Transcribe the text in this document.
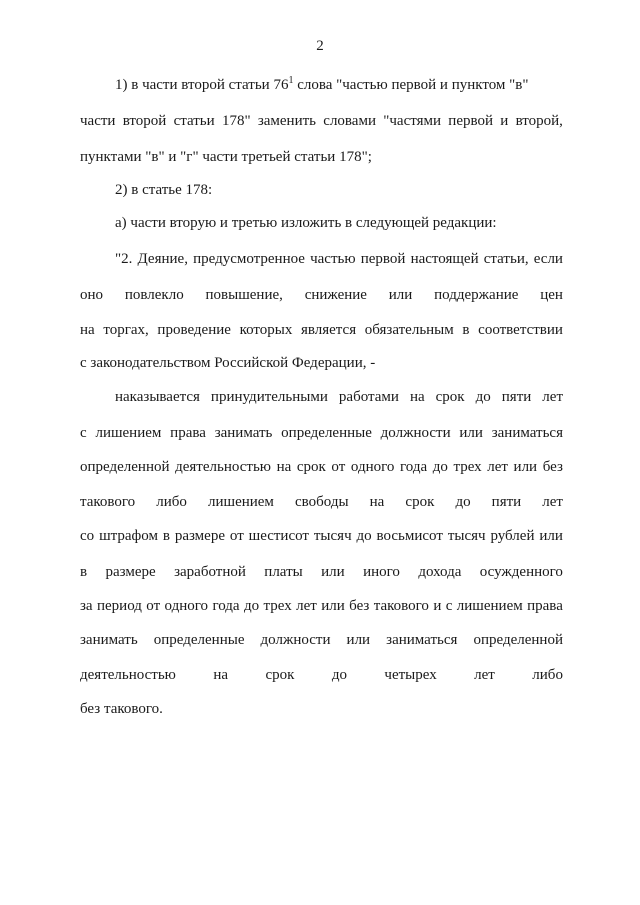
2
1) в части второй статьи $76^1$ слова "частью первой и пунктом "в"
части второй статьи 178" заменить словами "частями первой и второй,
пунктами "в" и "г" части третьей статьи 178";
2) в статье 178:
а) части вторую и третью изложить в следующей редакции:
"2. Деяние, предусмотренное частью первой настоящей статьи, если
оно повлекло повышение, снижение или поддержание цен
на торгах, проведение которых является обязательным в соответствии
с законодательством Российской Федерации, -
наказывается принудительными работами на срок до пяти лет
с лишением права занимать определенные должности или заниматься
определенной деятельностью на срок от одного года до трех лет или без
такового либо лишением свободы на срок до пяти лет
со штрафом в размере от шестисот тысяч до восьмисот тысяч рублей или
в размере заработной платы или иного дохода осужденного
за период от одного года до трех лет или без такового и с лишением права
занимать определенные должности или заниматься определенной
деятельностью на срок до четырех лет либо
без такового.
